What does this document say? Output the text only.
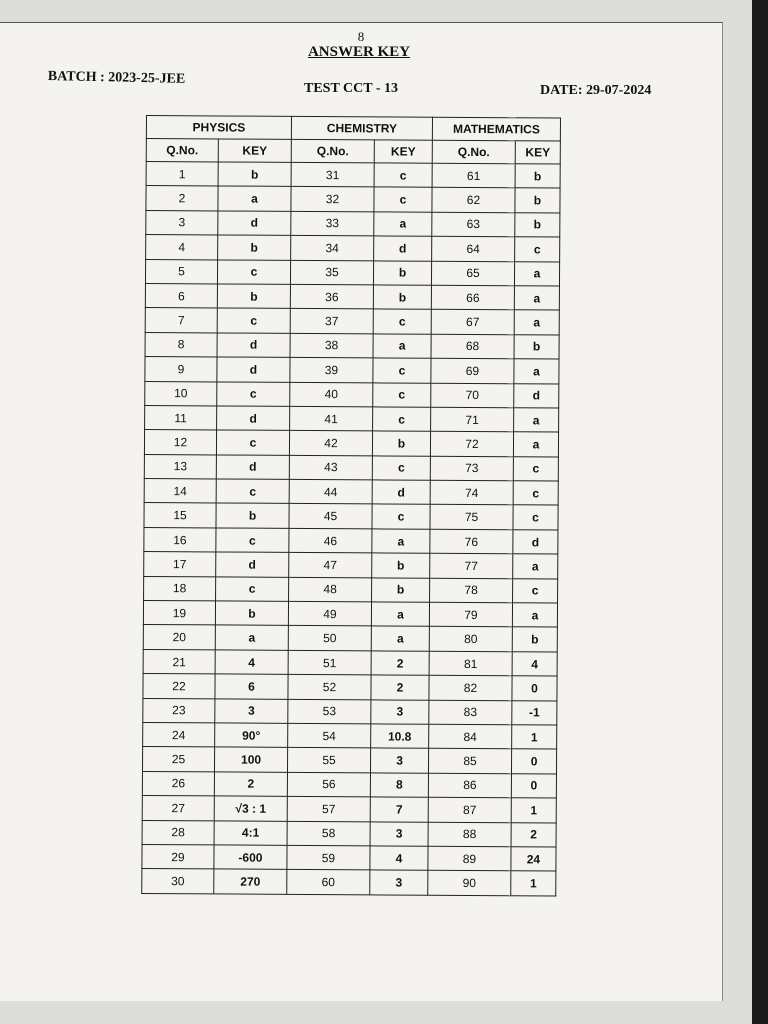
8
ANSWER KEY
BATCH : 2023-25-JEE
TEST CCT - 13	DATE: 29-07-2024
PHYSICS		CHEMISTRY		MATHEMATICS	
Q.No.	KEY	Q.No.	KEY	Q.No.	KEY
1	b	31	c	61	b
2	a	32	c	62	b
3	d	33	a	63	b
4	b	34	d	64	c
5	c	35	b	65	a
6	b	36	b	66	a
7	c	37	c	67	a
8	d	38	a	68	b
9	d	39	c	69	a
10	c	40	c	70	d
11	d	41	c	71	a
12	c	42	b	72	a
13	d	43	c	73	c
14	c	44	d	74	c
15	b	45	c	75	c
16	c	46	a	76	d
17	d	47	b	77	a
18	c	48	b	78	c
19	b	49	a	79	a
20	a	50	a	80	b
21	4	51	2	81	4
22	6	52	2	82	0
23	3	53	3	83	-1
24	90°	54	10.8	84	1
25	100	55	3	85	0
26	2	56	8	86	0
27	√3 : 1	57	7	87	1
28	4:1	58	3	88	2
29	-600	59	4	89	24
30	270	60	3	90	1
